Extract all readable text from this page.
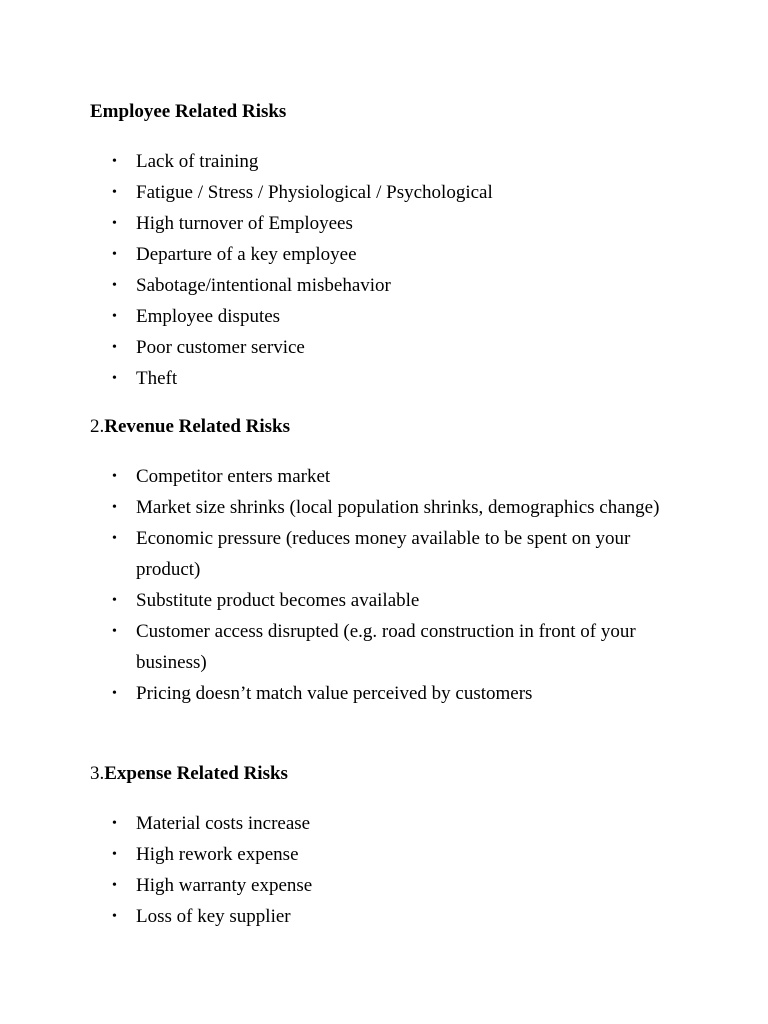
Employee Related Risks
• Lack of training
• Fatigue / Stress / Physiological / Psychological
• High turnover of Employees
• Departure of a key employee
• Sabotage/intentional misbehavior
• Employee disputes
• Poor customer service
• Theft
2.Revenue Related Risks
• Competitor enters market
• Market size shrinks (local population shrinks, demographics change)
• Economic pressure (reduces money available to be spent on your product)
• Substitute product becomes available
• Customer access disrupted (e.g. road construction in front of your business)
• Pricing doesn’t match value perceived by customers
3.Expense Related Risks
• Material costs increase
• High rework expense
• High warranty expense
• Loss of key supplier
